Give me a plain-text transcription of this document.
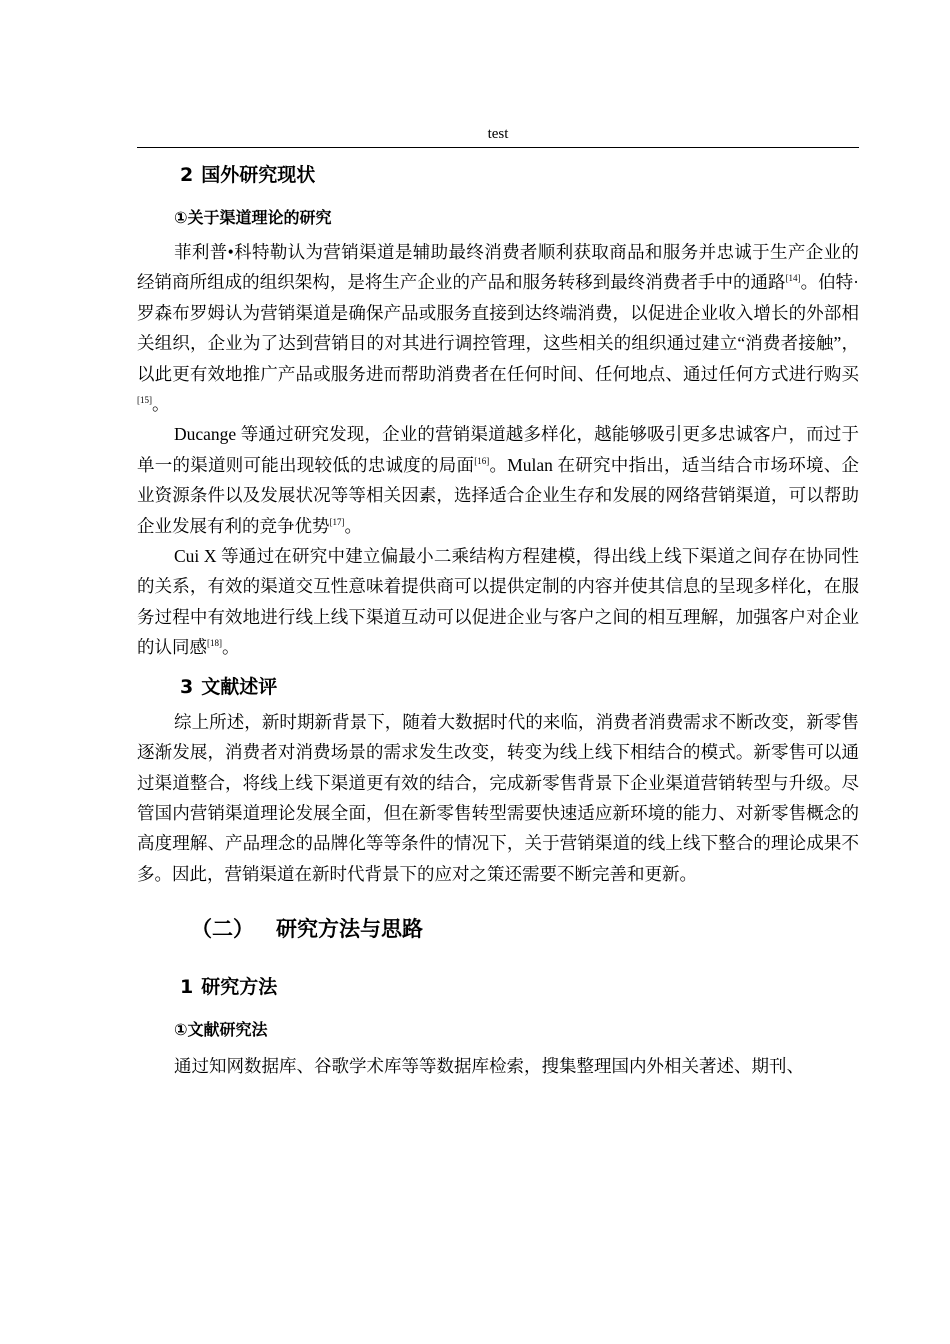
test
2 国外研究现状
①关于渠道理论的研究

菲利普•科特勒认为营销渠道是辅助最终消费者顺利获取商品和服务并忠诚于生产企业的经销商所组成的组织架构，是将生产企业的产品和服务转移到最终消费者手中的通路[14]。伯特·罗森布罗姆认为营销渠道是确保产品或服务直接到达终端消费，以促进企业收入增长的外部相关组织，企业为了达到营销目的对其进行调控管理，这些相关的组织通过建立“消费者接触”，以此更有效地推广产品或服务进而帮助消费者在任何时间、任何地点、通过任何方式进行购买[15]。

Ducange 等通过研究发现，企业的营销渠道越多样化，越能够吸引更多忠诚客户，而过于单一的渠道则可能出现较低的忠诚度的局面[16]。Mulan 在研究中指出，适当结合市场环境、企业资源条件以及发展状况等等相关因素，选择适合企业生存和发展的网络营销渠道，可以帮助企业发展有利的竞争优势[17]。

Cui X 等通过在研究中建立偏最小二乘结构方程建模，得出线上线下渠道之间存在协同性的关系，有效的渠道交互性意味着提供商可以提供定制的内容并使其信息的呈现多样化，在服务过程中有效地进行线上线下渠道互动可以促进企业与客户之间的相互理解，加强客户对企业的认同感[18]。

3 文献述评

综上所述，新时期新背景下，随着大数据时代的来临，消费者消费需求不断改变，新零售逐渐发展，消费者对消费场景的需求发生改变，转变为线上线下相结合的模式。新零售可以通过渠道整合，将线上线下渠道更有效的结合，完成新零售背景下企业渠道营销转型与升级。尽管国内营销渠道理论发展全面，但在新零售转型需要快速适应新环境的能力、对新零售概念的高度理解、产品理念的品牌化等等条件的情况下，关于营销渠道的线上线下整合的理论成果不多。因此，营销渠道在新时代背景下的应对之策还需要不断完善和更新。

（二） 研究方法与思路
1 研究方法
①文献研究法

通过知网数据库、谷歌学术库等等数据库检索，搜集整理国内外相关著述、期刊、
